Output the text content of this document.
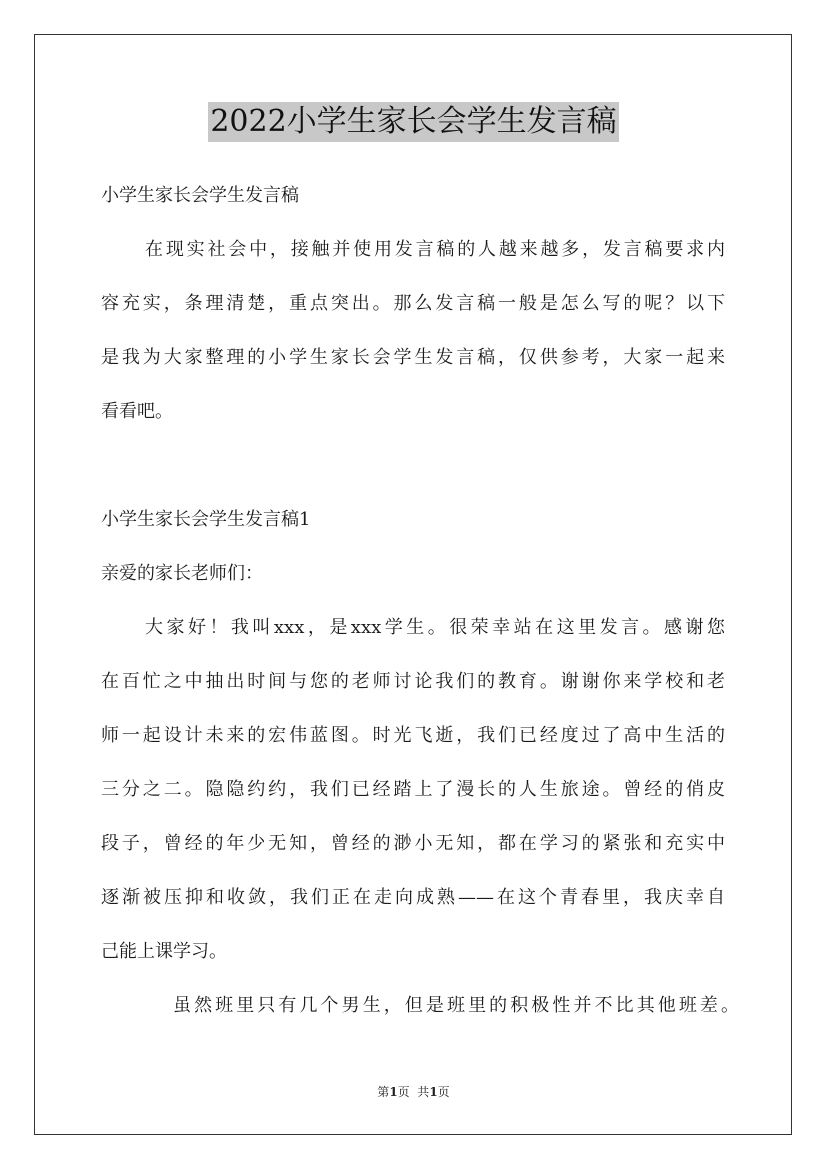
2022小学生家长会学生发言稿
小学生家长会学生发言稿
在现实社会中，接触并使用发言稿的人越来越多，发言稿要求内
容充实，条理清楚，重点突出。那么发言稿一般是怎么写的呢？以下
是我为大家整理的小学生家长会学生发言稿，仅供参考，大家一起来
看看吧。
小学生家长会学生发言稿1
亲爱的家长老师们：
大家好！我叫xxx，是xxx学生。很荣幸站在这里发言。感谢您
在百忙之中抽出时间与您的老师讨论我们的教育。谢谢你来学校和老
师一起设计未来的宏伟蓝图。时光飞逝，我们已经度过了高中生活的
三分之二。隐隐约约，我们已经踏上了漫长的人生旅途。曾经的俏皮
段子，曾经的年少无知，曾经的渺小无知，都在学习的紧张和充实中
逐渐被压抑和收敛，我们正在走向成熟——在这个青春里，我庆幸自
己能上课学习。
虽然班里只有几个男生，但是班里的积极性并不比其他班差。
第1页  共1页
